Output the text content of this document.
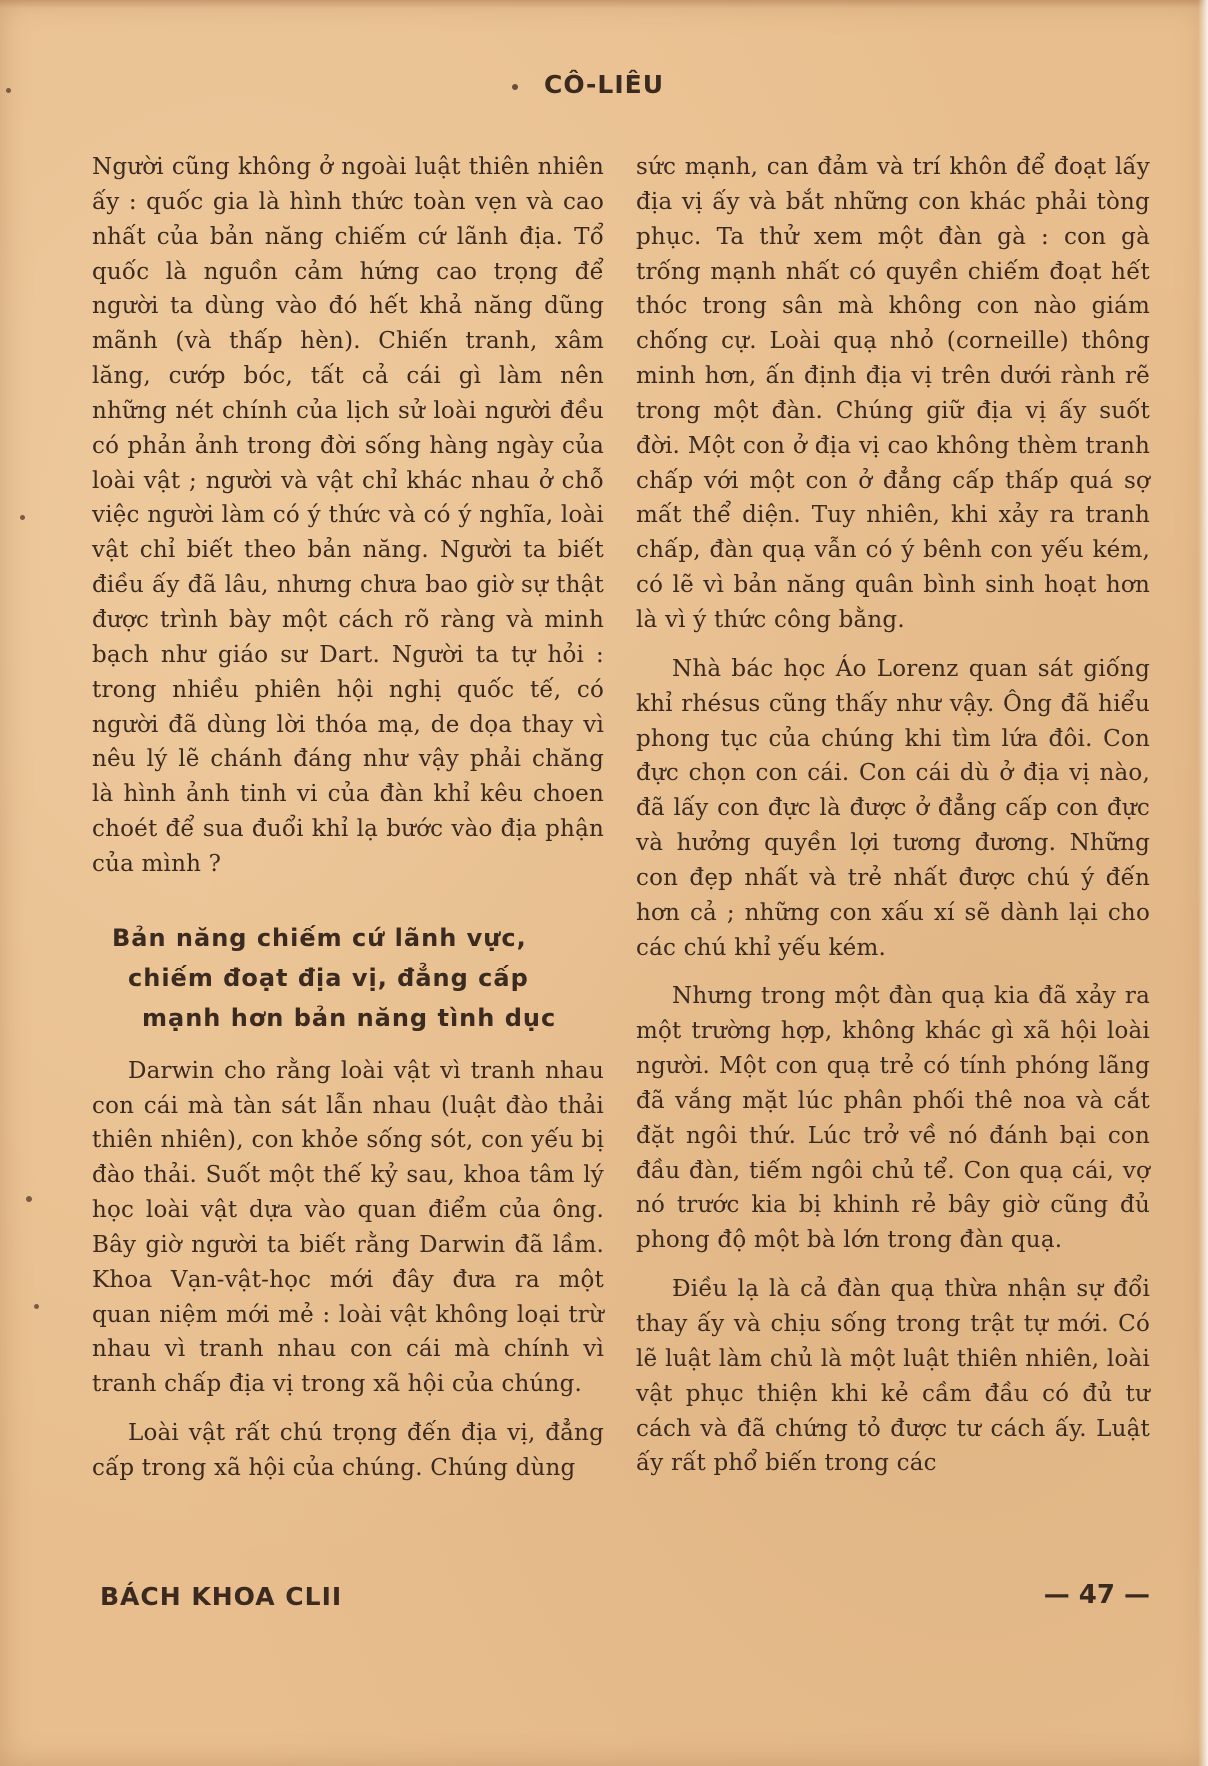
CÔ-LIÊU

Người cũng không ở ngoài luật thiên nhiên ấy : quốc gia là hình thức toàn vẹn và cao nhất của bản năng chiếm cứ lãnh địa. Tổ quốc là nguồn cảm hứng cao trọng để người ta dùng vào đó hết khả năng dũng mãnh (và thấp hèn). Chiến tranh, xâm lăng, cướp bóc, tất cả cái gì làm nên những nét chính của lịch sử loài người đều có phản ảnh trong đời sống hàng ngày của loài vật ; người và vật chỉ khác nhau ở chỗ việc người làm có ý thức và có ý nghĩa, loài vật chỉ biết theo bản năng. Người ta biết điều ấy đã lâu, nhưng chưa bao giờ sự thật được trình bày một cách rõ ràng và minh bạch như giáo sư Dart. Người ta tự hỏi : trong nhiều phiên hội nghị quốc tế, có người đã dùng lời thóa mạ, de dọa thay vì nêu lý lẽ chánh đáng như vậy phải chăng là hình ảnh tinh vi của đàn khỉ kêu choen choét để sua đuổi khỉ lạ bước vào địa phận của mình ?

Bản năng chiếm cứ lãnh vực,
chiếm đoạt địa vị, đẳng cấp
mạnh hơn bản năng tình dục

Darwin cho rằng loài vật vì tranh nhau con cái mà tàn sát lẫn nhau (luật đào thải thiên nhiên), con khỏe sống sót, con yếu bị đào thải. Suốt một thế kỷ sau, khoa tâm lý học loài vật dựa vào quan điểm của ông. Bây giờ người ta biết rằng Darwin đã lầm. Khoa Vạn-vật-học mới đây đưa ra một quan niệm mới mẻ : loài vật không loại trừ nhau vì tranh nhau con cái mà chính vì tranh chấp địa vị trong xã hội của chúng.

Loài vật rất chú trọng đến địa vị, đẳng cấp trong xã hội của chúng. Chúng dùng

sức mạnh, can đảm và trí khôn để đoạt lấy địa vị ấy và bắt những con khác phải tòng phục. Ta thử xem một đàn gà : con gà trống mạnh nhất có quyền chiếm đoạt hết thóc trong sân mà không con nào giám chống cự. Loài quạ nhỏ (corneille) thông minh hơn, ấn định địa vị trên dưới rành rẽ trong một đàn. Chúng giữ địa vị ấy suốt đời. Một con ở địa vị cao không thèm tranh chấp với một con ở đẳng cấp thấp quá sợ mất thể diện. Tuy nhiên, khi xảy ra tranh chấp, đàn quạ vẫn có ý bênh con yếu kém, có lẽ vì bản năng quân bình sinh hoạt hơn là vì ý thức công bằng.

Nhà bác học Áo Lorenz quan sát giống khỉ rhésus cũng thấy như vậy. Ông đã hiểu phong tục của chúng khi tìm lứa đôi. Con đực chọn con cái. Con cái dù ở địa vị nào, đã lấy con đực là được ở đẳng cấp con đực và hưởng quyền lợi tương đương. Những con đẹp nhất và trẻ nhất được chú ý đến hơn cả ; những con xấu xí sẽ dành lại cho các chú khỉ yếu kém.

Nhưng trong một đàn quạ kia đã xảy ra một trường hợp, không khác gì xã hội loài người. Một con quạ trẻ có tính phóng lãng đã vắng mặt lúc phân phối thê noa và cắt đặt ngôi thứ. Lúc trở về nó đánh bại con đầu đàn, tiếm ngôi chủ tể. Con quạ cái, vợ nó trước kia bị khinh rẻ bây giờ cũng đủ phong độ một bà lớn trong đàn quạ.

Điều lạ là cả đàn quạ thừa nhận sự đổi thay ấy và chịu sống trong trật tự mới. Có lẽ luật làm chủ là một luật thiên nhiên, loài vật phục thiện khi kẻ cầm đầu có đủ tư cách và đã chứng tỏ được tư cách ấy. Luật ấy rất phổ biến trong các

BÁCH KHOA CLII	— 47 —
